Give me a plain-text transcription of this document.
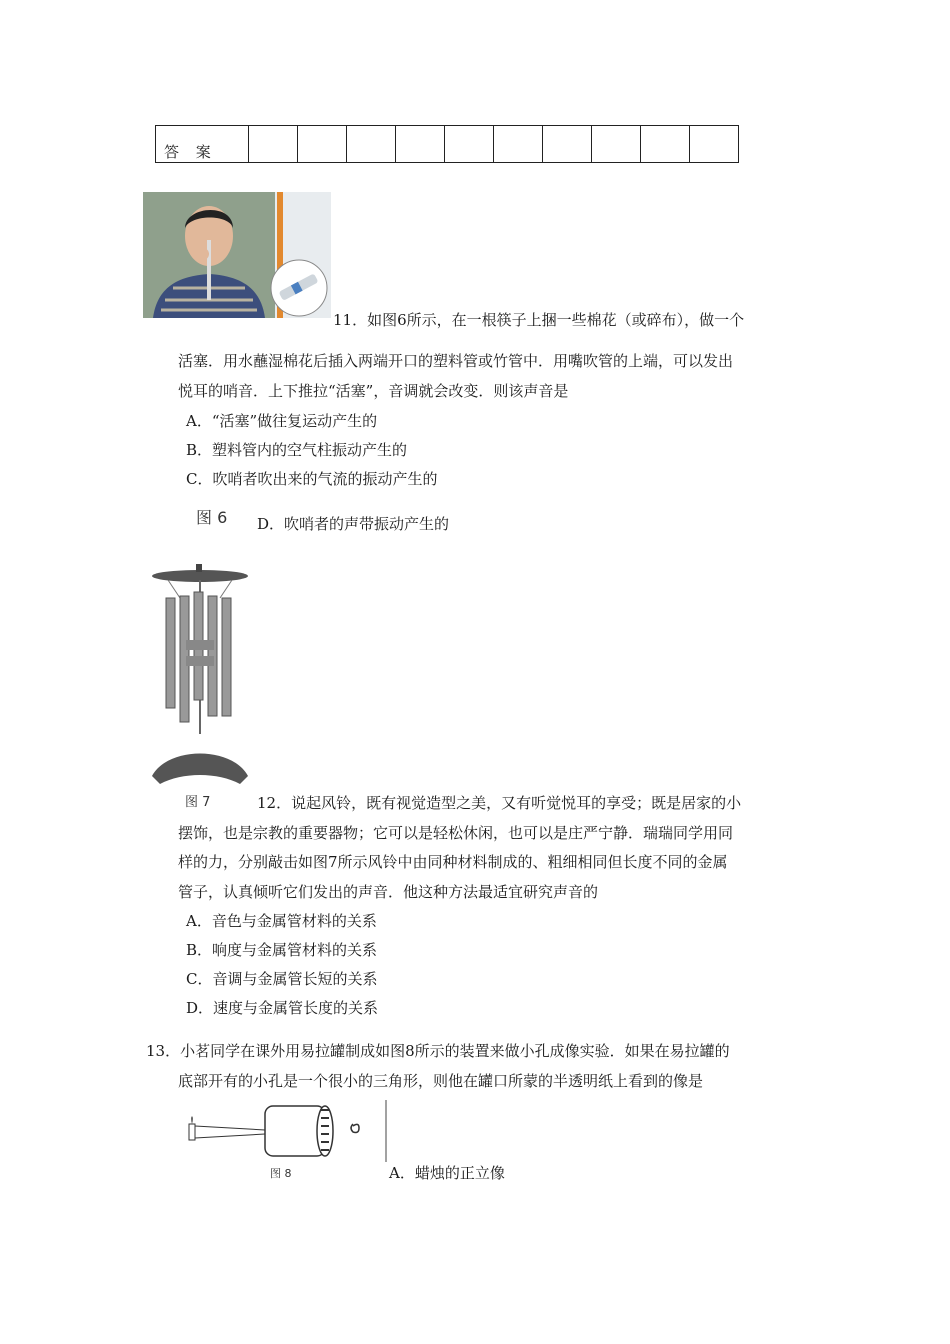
答 案										
11．如图6所示，在一根筷子上捆一些棉花（或碎布），做一个
活塞．用水蘸湿棉花后插入两端开口的塑料管或竹管中．用嘴吹管的上端，可以发出
悦耳的哨音．上下推拉“活塞”，音调就会改变．则该声音是
A．“活塞”做往复运动产生的
B．塑料管内的空气柱振动产生的
C．吹哨者吹出来的气流的振动产生的
图 6 D．吹哨者的声带振动产生的
图 7	12．说起风铃，既有视觉造型之美，又有听觉悦耳的享受；既是居家的小
摆饰，也是宗教的重要器物；它可以是轻松休闲，也可以是庄严宁静．瑞瑞同学用同
样的力，分别敲击如图7所示风铃中由同种材料制成的、粗细相同但长度不同的金属
管子，认真倾听它们发出的声音．他这种方法最适宜研究声音的
A．音色与金属管材料的关系
B．响度与金属管材料的关系
C．音调与金属管长短的关系
D．速度与金属管长度的关系
13．小茗同学在课外用易拉罐制成如图8所示的装置来做小孔成像实验．如果在易拉罐的
底部开有的小孔是一个很小的三角形，则他在罐口所蒙的半透明纸上看到的像是
图 8	A．蜡烛的正立像
